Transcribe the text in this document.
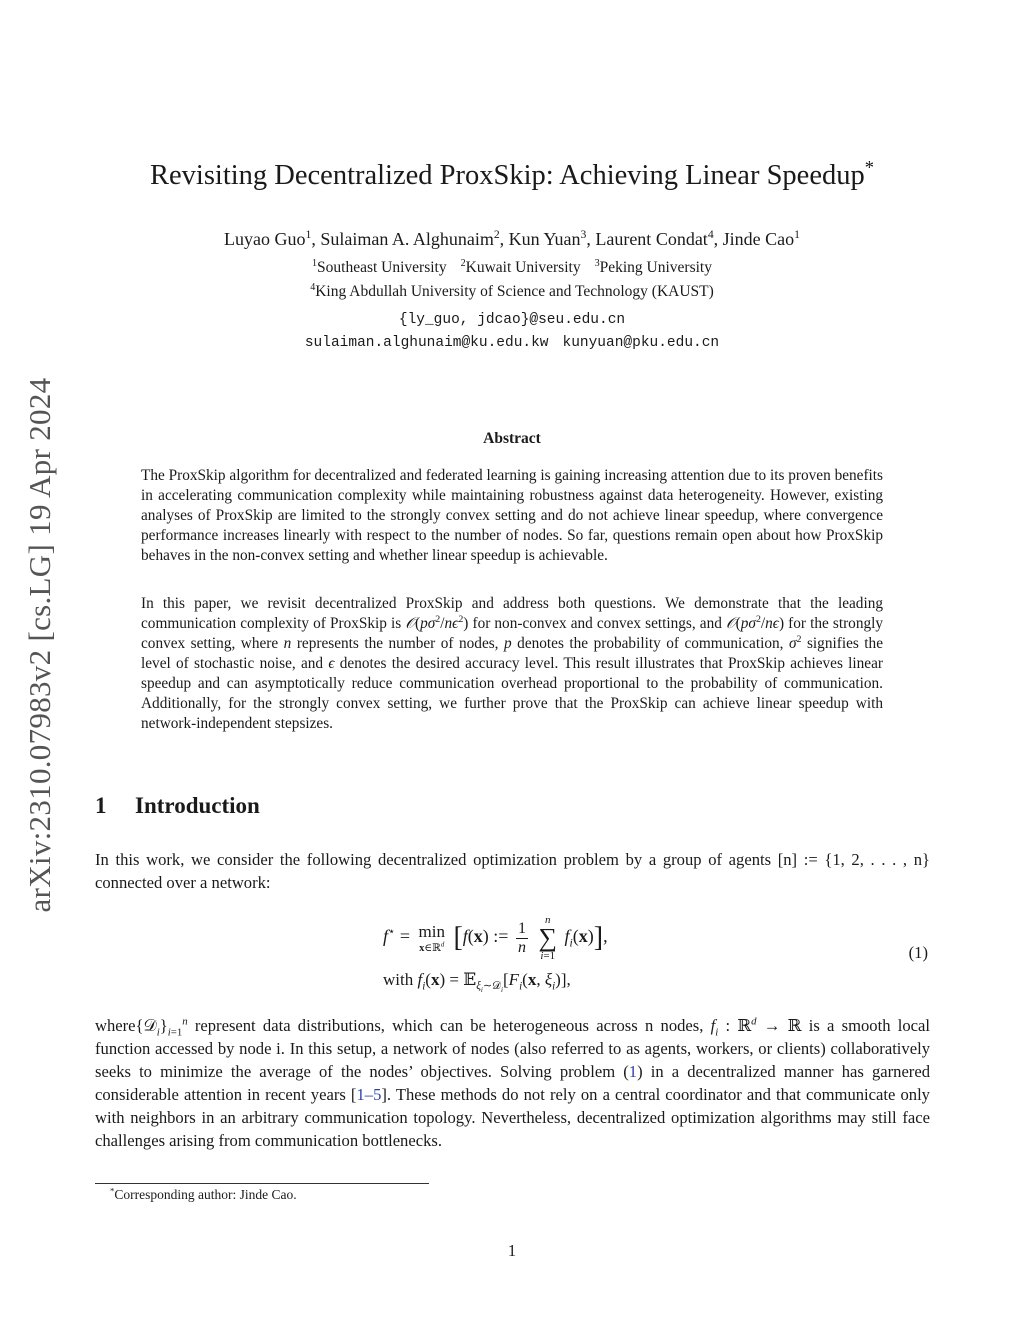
arXiv:2310.07983v2 [cs.LG] 19 Apr 2024
Revisiting Decentralized ProxSkip: Achieving Linear Speedup*
Luyao Guo$^1$, Sulaiman A. Alghunaim$^2$, Kun Yuan$^3$, Laurent Condat$^4$, Jinde Cao$^1$
$^1$Southeast University $^2$Kuwait University $^3$Peking University
$^4$King Abdullah University of Science and Technology (KAUST)
{ly_guo, jdcao}@seu.edu.cn
sulaiman.alghunaim@ku.edu.kw kunyuan@pku.edu.cn
Abstract
The ProxSkip algorithm for decentralized and federated learning is gaining increasing attention due to its proven benefits in accelerating communication complexity while maintaining robustness against data heterogeneity. However, existing analyses of ProxSkip are limited to the strongly convex setting and do not achieve linear speedup, where convergence performance increases linearly with respect to the number of nodes. So far, questions remain open about how ProxSkip behaves in the non-convex setting and whether linear speedup is achievable.
In this paper, we revisit decentralized ProxSkip and address both questions. We demonstrate that the leading communication complexity of ProxSkip is $𝒪(p\sigma^2/n\epsilon^2)$ for non-convex and convex settings, and $𝒪(p\sigma^2/n\epsilon)$ for the strongly convex setting, where n represents the number of nodes, p denotes the probability of communication, $\sigma^2$ signifies the level of stochastic noise, and ϵ denotes the desired accuracy level. This result illustrates that ProxSkip achieves linear speedup and can asymptotically reduce communication overhead proportional to the probability of communication. Additionally, for the strongly convex setting, we further prove that the ProxSkip can achieve linear speedup with network-independent stepsizes.
1 Introduction
In this work, we consider the following decentralized optimization problem by a group of agents [n] := {1, 2, . . . , n} connected over a network:
f⋆ = min
x∈ℝ$^d$ [f(x) := $\frac{1}{n}$
	n
∑
i=1
$f_i(x)$],
with $f_i(x)$ = $𝔼_{\xi_i\sim 𝒟_i}[F_i(x$, $\xi_i$)],
(1)
$where\{𝒟_i\}_{i=1}^n$ represent data distributions, which can be heterogeneous across n nodes, $f_i$ : ℝ$^d$ → ℝ is a smooth local function accessed by node i. In this setup, a network of nodes (also referred to as agents, workers, or clients) collaboratively seeks to minimize the average of the nodes’ objectives. Solving problem (1) in a decentralized manner has garnered considerable attention in recent years [1–5]. These methods do not rely on a central coordinator and that communicate only with neighbors in an arbitrary communication topology. Nevertheless, decentralized optimization algorithms may still face challenges arising from communication bottlenecks.
*Corresponding author: Jinde Cao.
1
